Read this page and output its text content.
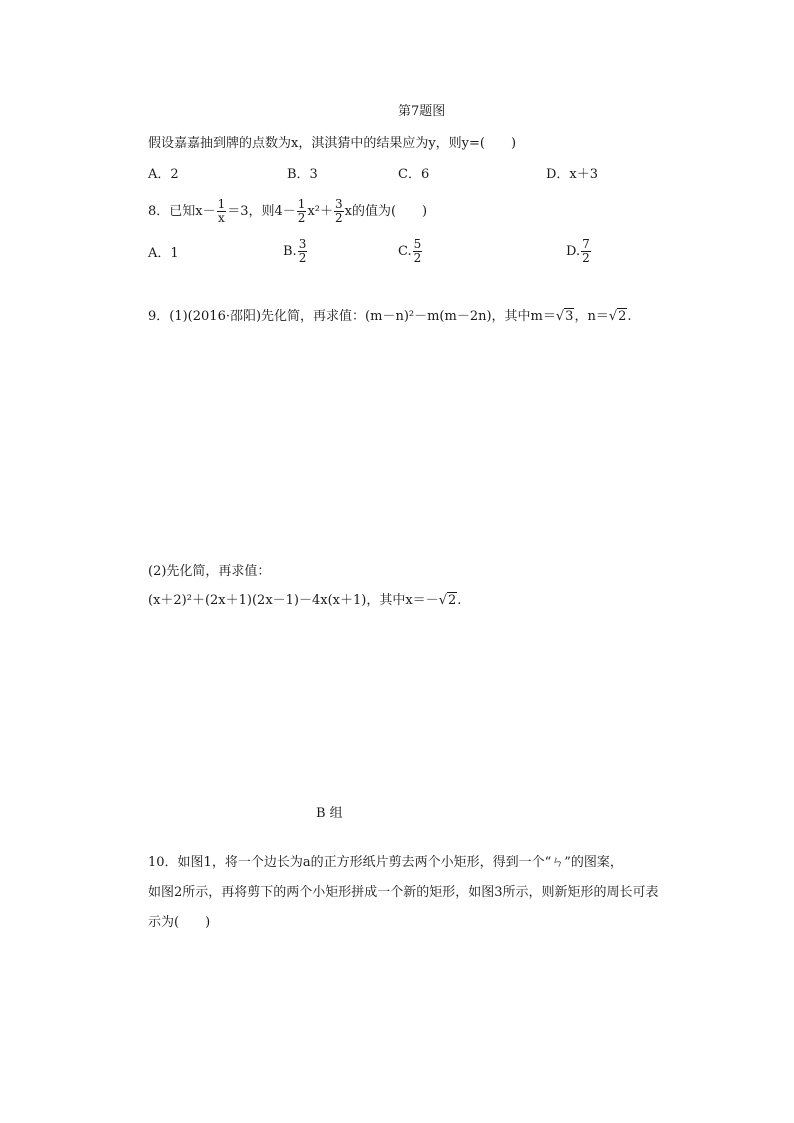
第7题图
假设嘉嘉抽到牌的点数为x，淇淇猜中的结果应为y，则y=(　　)
A．2	B．3	C．6	D．x＋3
8．已知$x- \frac{1}{x} =3$，则$4- \frac{1}{2} x^2+ \frac{3}{2}$ x的值为(　　)
A．1	B. $\frac{3}{2}$	C. $\frac{5}{2}$	D. $\frac{7}{2}$
9．(1)(2016·邵阳)先化简，再求值：(m－n)²－m(m－2n)，其中m＝√3，n＝√2.
(2)先化简，再求值：
(x＋2)²＋(2x＋1)(2x－1)－4x(x＋1)，其中x＝－√2.
B 组
10．如图1，将一个边长为a的正方形纸片剪去两个小矩形，得到一个“ㄣ”的图案，
如图2所示，再将剪下的两个小矩形拼成一个新的矩形，如图3所示，则新矩形的周长可表
示为(　　)
